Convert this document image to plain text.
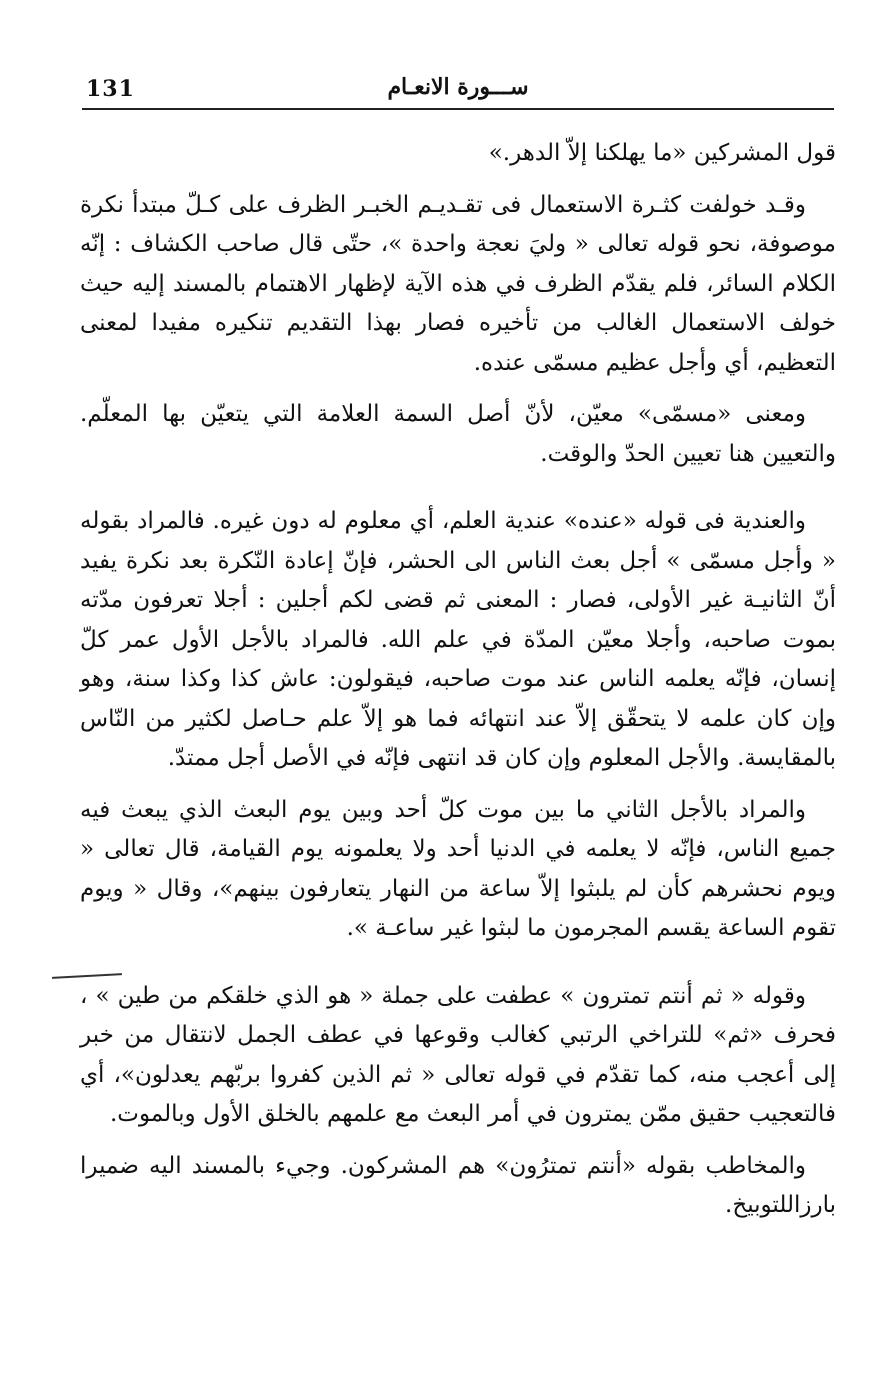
131	ســـورة الانعـام

قول المشركين «ما يهلكنا إلاّ الدهر.»

وقـد خولفت كثـرة الاستعمال فى تقـديـم الخبـر الظرف على كـلّ مبتدأ نكرة موصوفة، نحو قوله تعالى « وليَ نعجة واحدة »، حتّى قال صاحب الكشاف : إنّه الكلام السائر، فلم يقدّم الظرف في هذه الآية لإظهار الاهتمام بالمسند إليه حيث خولف الاستعمال الغالب من تأخيره فصار بهذا التقديم تنكيره مفيدا لمعنى التعظيم، أي وأجل عظيم مسمّى عنده.

ومعنى «مسمّى» معيّن، لأنّ أصل السمة العلامة التي يتعيّن بها المعلّم. والتعيين هنا تعيين الحدّ والوقت.

والعندية فى قوله «عنده» عندية العلم، أي معلوم له دون غيره. فالمراد بقوله « وأجل مسمّى » أجل بعث الناس الى الحشر، فإنّ إعادة النّكرة بعد نكرة يفيد أنّ الثانيـة غير الأولى، فصار : المعنى ثم قضى لكم أجلين : أجلا تعرفون مدّته بموت صاحبه، وأجلا معيّن المدّة في علم الله. فالمراد بالأجل الأول عمر كلّ إنسان، فإنّه يعلمه الناس عند موت صاحبه، فيقولون: عاش كذا وكذا سنة، وهو وإن كان علمه لا يتحقّق إلاّ عند انتهائه فما هو إلاّ علم حـاصل لكثير من النّاس بالمقايسة. والأجل المعلوم وإن كان قد انتهى فإنّه في الأصل أجل ممتدّ.

والمراد بالأجل الثاني ما بين موت كلّ أحد وبين يوم البعث الذي يبعث فيه جميع الناس، فإنّه لا يعلمه في الدنيا أحد ولا يعلمونه يوم القيامة، قال تعالى « ويوم نحشرهم كأن لم يلبثوا إلاّ ساعة من النهار يتعارفون بينهم»، وقال « ويوم تقوم الساعة يقسم المجرمون ما لبثوا غير ساعـة ».

وقوله « ثم أنتم تمترون » عطفت على جملة « هو الذي خلقكم من طين » ، فحرف «ثم» للتراخي الرتبي كغالب وقوعها في عطف الجمل لانتقال من خبر إلى أعجب منه، كما تقدّم في قوله تعالى « ثم الذين كفروا بربّهم يعدلون»، أي فالتعجيب حقيق ممّن يمترون في أمر البعث مع علمهم بالخلق الأول وبالموت.

والمخاطب بقوله «أنتم تمترُون» هم المشركون. وجيء بالمسند اليه ضميرا بارزاللتوبيخ.
